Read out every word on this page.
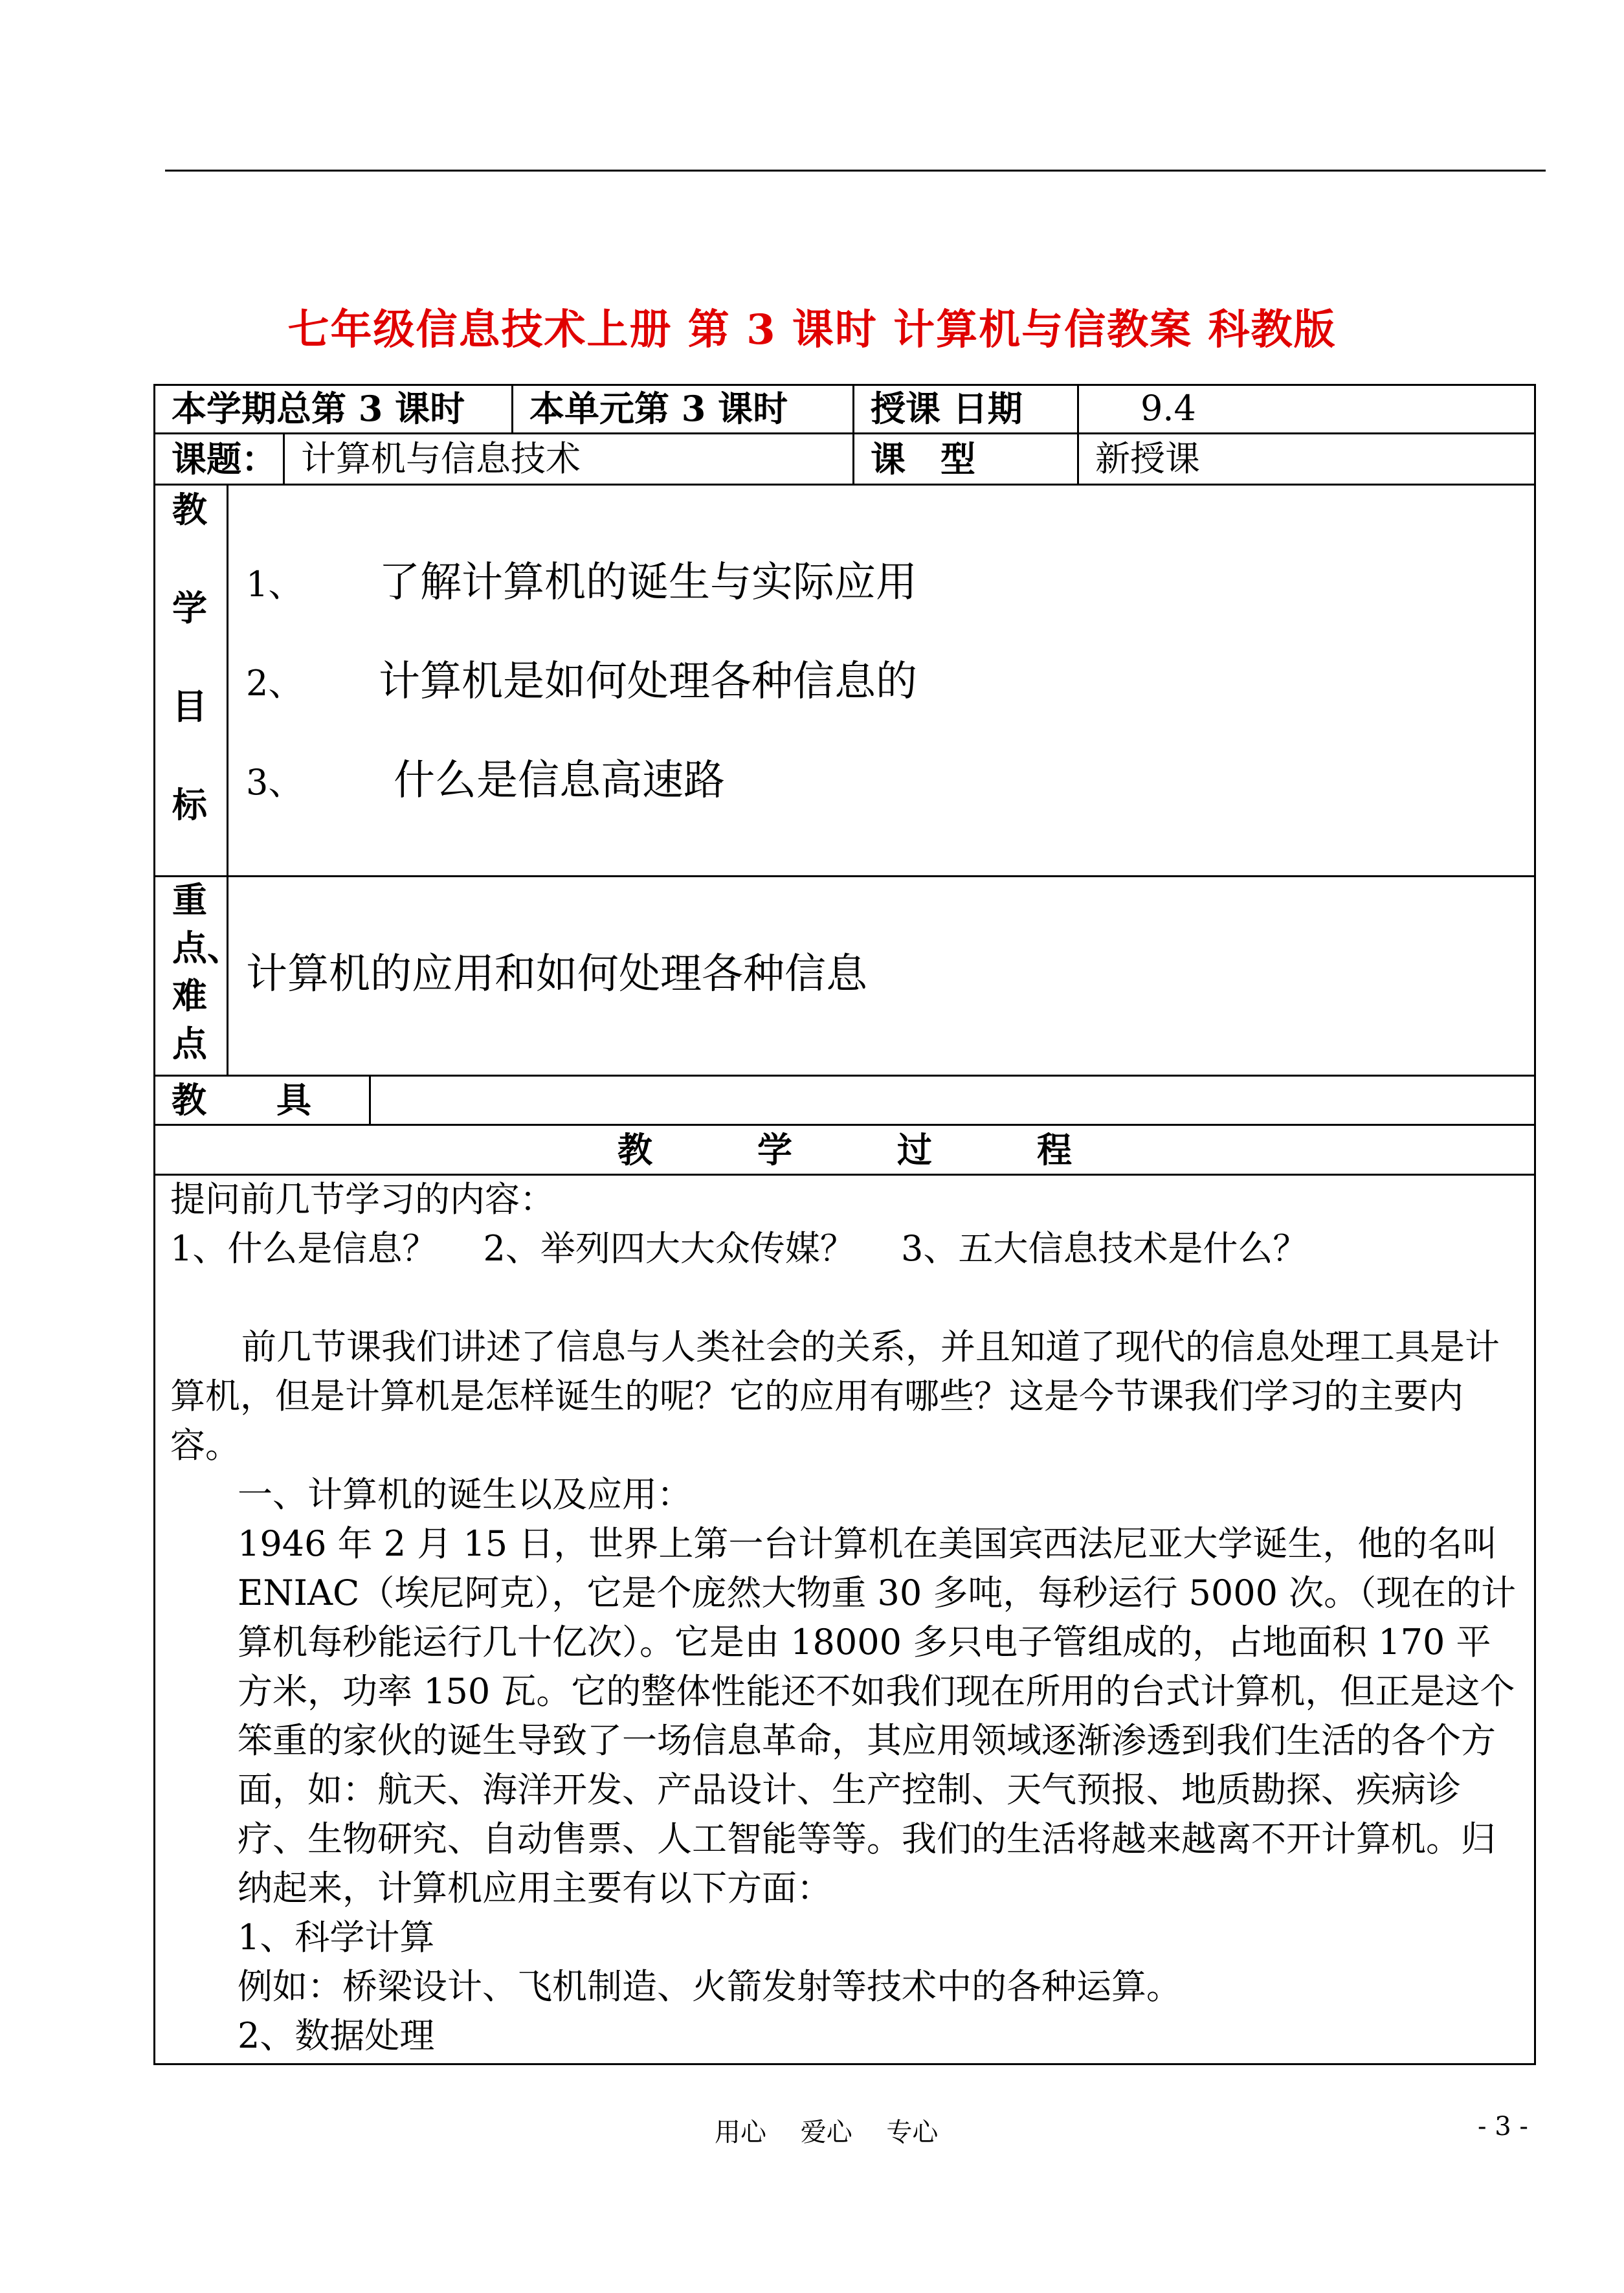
七年级信息技术上册 第 3 课时 计算机与信教案 科教版
本学期总第 3 课时 本单元第 3 课时 授课 日期	9.4
课题： 计算机与信息技术	课　型	新授课
教
学
目
标
1、 了解计算机的诞生与实际应用
2、 计算机是如何处理各种信息的
3、 什么是信息高速路
重
点、
难
点
计算机的应用和如何处理各种信息
教　　具
教　　　学　　　过　　　程

提问前几节学习的内容：

1、什么是信息？　 2、举列四大大众传媒？　 3、五大信息技术是什么？

前几节课我们讲述了信息与人类社会的关系，并且知道了现代的信息处理工具是计算机，但是计算机是怎样诞生的呢？它的应用有哪些？这是今节课我们学习的主要内容。

一、计算机的诞生以及应用：

1946 年 2 月 15 日，世界上第一台计算机在美国宾西法尼亚大学诞生，他的名叫 ENIAC（埃尼阿克），它是个庞然大物重 30 多吨，每秒运行 5000 次。（现在的计算机每秒能运行几十亿次）。它是由 18000 多只电子管组成的，占地面积 170 平方米，功率 150 瓦。它的整体性能还不如我们现在所用的台式计算机，但正是这个笨重的家伙的诞生导致了一场信息革命，其应用领域逐渐渗透到我们生活的各个方面，如：航天、海洋开发、产品设计、生产控制、天气预报、地质勘探、疾病诊疗、生物研究、自动售票、人工智能等等。我们的生活将越来越离不开计算机。归纳起来，计算机应用主要有以下方面：

1、科学计算

例如：桥梁设计、飞机制造、火箭发射等技术中的各种运算。

2、数据处理

用心　 爱心　 专心	- 3 -
